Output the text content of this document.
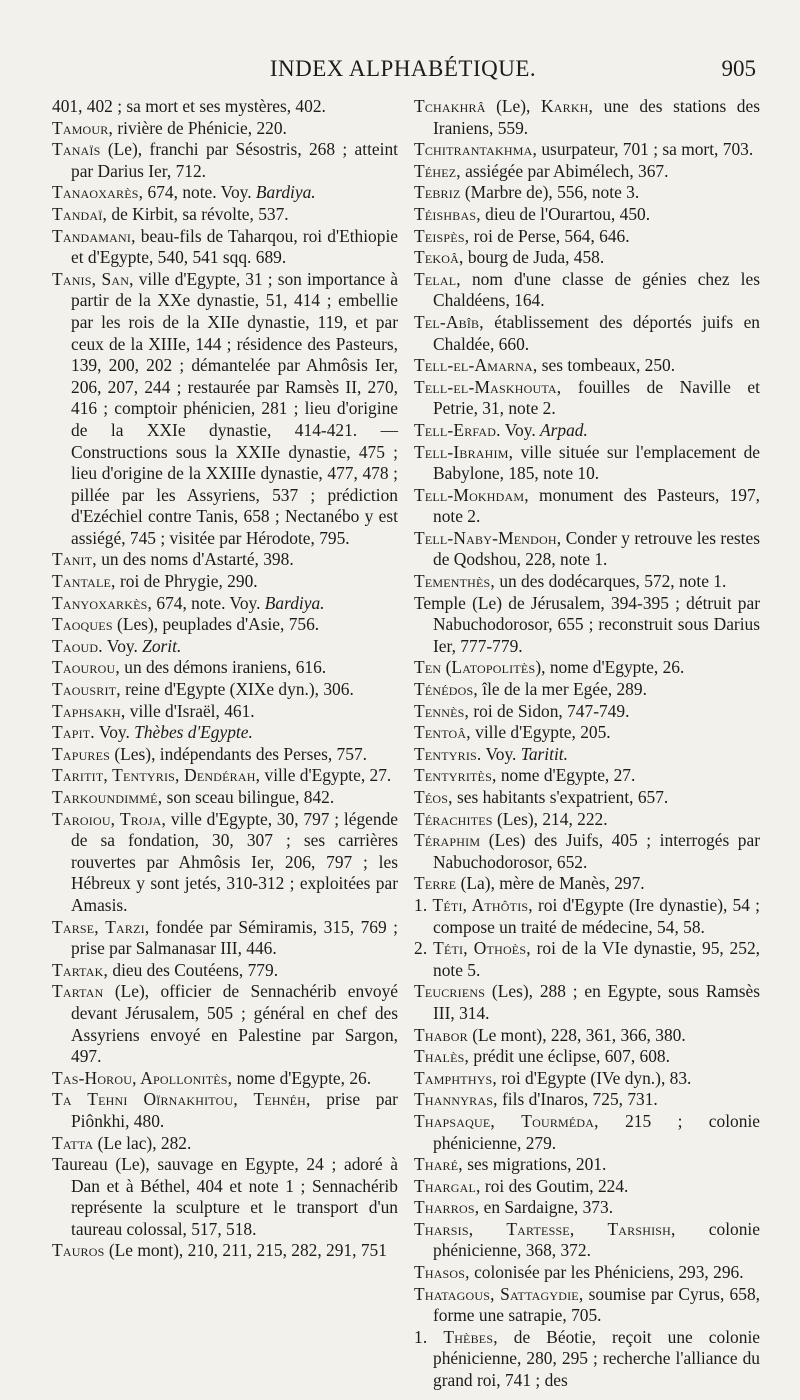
INDEX ALPHABÉTIQUE.	905
401, 402 ; sa mort et ses mystères, 402.
Tamour, rivière de Phénicie, 220.
Tanaïs (Le), franchi par Sésostris, 268 ; atteint par Darius Ier, 712.
Tanaoxarès, 674, note. Voy. Bardiya.
Tandaï, de Kirbit, sa révolte, 537.
Tandamani, beau-fils de Taharqou, roi d'Ethiopie et d'Egypte, 540, 541 sqq. 689.
Tanis, San, ville d'Egypte, 31 ; son importance à partir de la XXe dynastie, 51, 414 ; embellie par les rois de la XIIe dynastie, 119, et par ceux de la XIIIe, 144 ; résidence des Pasteurs, 139, 200, 202 ; démantelée par Ahmôsis Ier, 206, 207, 244 ; restaurée par Ramsès II, 270, 416 ; comptoir phénicien, 281 ; lieu d'origine de la XXIe dynastie, 414-421. — Constructions sous la XXIIe dynastie, 475 ; lieu d'origine de la XXIIIe dynastie, 477, 478 ; pillée par les Assyriens, 537 ; prédiction d'Ezéchiel contre Tanis, 658 ; Nectanébo y est assiégé, 745 ; visitée par Hérodote, 795.
Tanit, un des noms d'Astarté, 398.
Tantale, roi de Phrygie, 290.
Tanyoxarkès, 674, note. Voy. Bardiya.
Taoques (Les), peuplades d'Asie, 756.
Taoud. Voy. Zorit.
Taourou, un des démons iraniens, 616.
Taousrit, reine d'Egypte (XIXe dyn.), 306.
Taphsakh, ville d'Israël, 461.
Tapit. Voy. Thèbes d'Egypte.
Tapures (Les), indépendants des Perses, 757.
Taritit, Tentyris, Dendérah, ville d'Egypte, 27.
Tarkoundimmé, son sceau bilingue, 842.
Taroiou, Troja, ville d'Egypte, 30, 797 ; légende de sa fondation, 30, 307 ; ses carrières rouvertes par Ahmôsis Ier, 206, 797 ; les Hébreux y sont jetés, 310-312 ; exploitées par Amasis.
Tarse, Tarzi, fondée par Sémiramis, 315, 769 ; prise par Salmanasar III, 446.
Tartak, dieu des Coutéens, 779.
Tartan (Le), officier de Sennachérib envoyé devant Jérusalem, 505 ; général en chef des Assyriens envoyé en Palestine par Sargon, 497.
Tas-Horou, Apollonitès, nome d'Egypte, 26.
Ta Tehni Oïrnakhitou, Tehnéh, prise par Piônkhi, 480.
Tatta (Le lac), 282.
Taureau (Le), sauvage en Egypte, 24 ; adoré à Dan et à Béthel, 404 et note 1 ; Sennachérib représente la sculpture et le transport d'un taureau colossal, 517, 518.
Tauros (Le mont), 210, 211, 215, 282, 291, 751
Tchakhrâ (Le), Karkh, une des stations des Iraniens, 559.
Tchitrantakhma, usurpateur, 701 ; sa mort, 703.
Téhez, assiégée par Abimélech, 367.
Tebriz (Marbre de), 556, note 3.
Téishbas, dieu de l'Ourartou, 450.
Teispès, roi de Perse, 564, 646.
Tekoâ, bourg de Juda, 458.
Telal, nom d'une classe de génies chez les Chaldéens, 164.
Tel-Abîb, établissement des déportés juifs en Chaldée, 660.
Tell-el-Amarna, ses tombeaux, 250.
Tell-el-Maskhouta, fouilles de Naville et Petrie, 31, note 2.
Tell-Erfad. Voy. Arpad.
Tell-Ibrahim, ville située sur l'emplacement de Babylone, 185, note 10.
Tell-Mokhdam, monument des Pasteurs, 197, note 2.
Tell-Naby-Mendoh, Conder y retrouve les restes de Qodshou, 228, note 1.
Tementhès, un des dodécarques, 572, note 1.
Temple (Le) de Jérusalem, 394-395 ; détruit par Nabuchodorosor, 655 ; reconstruit sous Darius Ier, 777-779.
Ten (Latopolitès), nome d'Egypte, 26.
Ténédos, île de la mer Egée, 289.
Tennès, roi de Sidon, 747-749.
Tentoâ, ville d'Egypte, 205.
Tentyris. Voy. Taritit.
Tentyritès, nome d'Egypte, 27.
Téos, ses habitants s'expatrient, 657.
Térachites (Les), 214, 222.
Téraphim (Les) des Juifs, 405 ; interrogés par Nabuchodorosor, 652.
Terre (La), mère de Manès, 297.
1. Téti, Athôtis, roi d'Egypte (Ire dynastie), 54 ; compose un traité de médecine, 54, 58.
2. Téti, Othoès, roi de la VIe dynastie, 95, 252, note 5.
Teucriens (Les), 288 ; en Egypte, sous Ramsès III, 314.
Thabor (Le mont), 228, 361, 366, 380.
Thalès, prédit une éclipse, 607, 608.
Tamphthys, roi d'Egypte (IVe dyn.), 83.
Thannyras, fils d'Inaros, 725, 731.
Thapsaque, Tourméda, 215 ; colonie phénicienne, 279.
Tharé, ses migrations, 201.
Thargal, roi des Goutim, 224.
Tharros, en Sardaigne, 373.
Tharsis, Tartesse, Tarshish, colonie phénicienne, 368, 372.
Thasos, colonisée par les Phéniciens, 293, 296.
Thatagous, Sattagydie, soumise par Cyrus, 658, forme une satrapie, 705.
1. Thèbes, de Béotie, reçoit une colonie phénicienne, 280, 295 ; recherche l'alliance du grand roi, 741 ; des
